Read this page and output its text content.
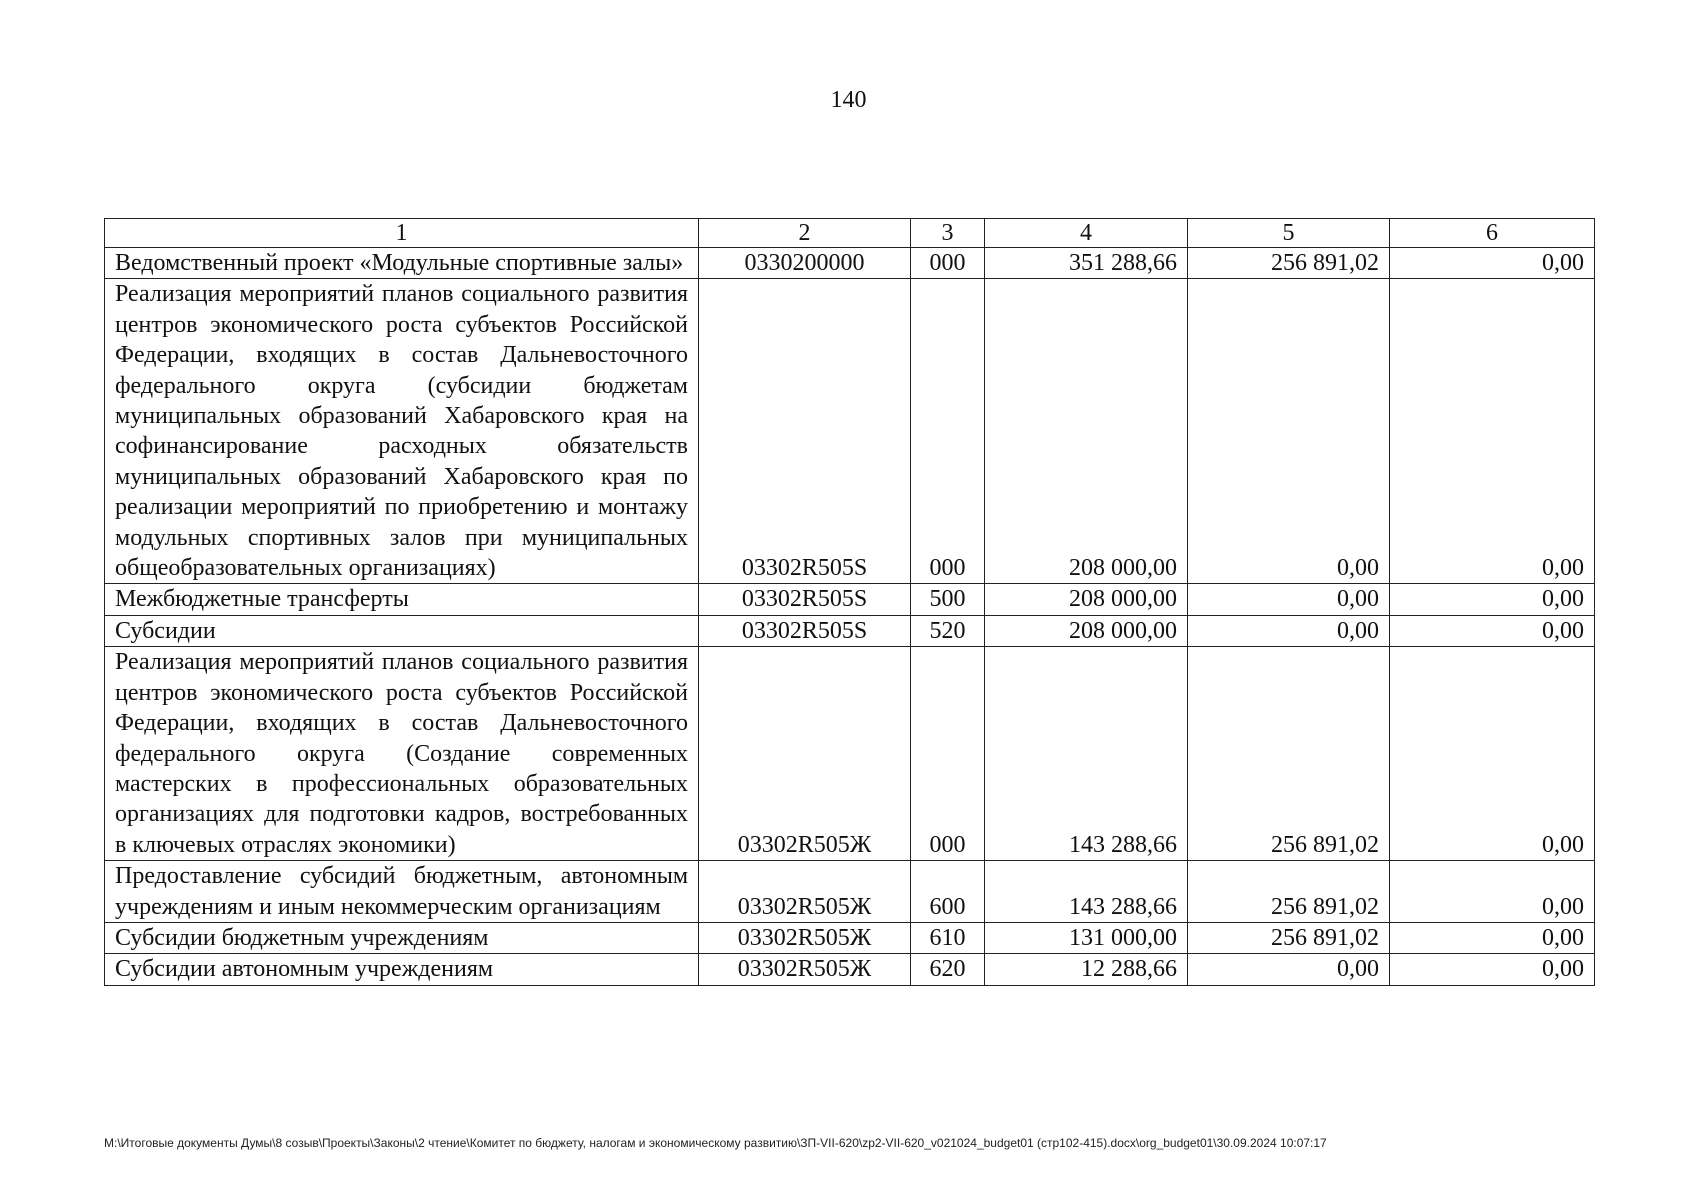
140
1	2	3	4	5	6
Ведомственный проект «Модульные спортивные залы»	0330200000	000	351 288,66	256 891,02	0,00
Реализация мероприятий планов социального развития центров экономического роста субъектов Российской Федерации, входящих в состав Дальневосточного федерального округа (субсидии бюджетам муниципальных образований Хабаровского края на софинансирование расходных обязательств муниципальных образований Хабаровского края по реализации мероприятий по приобретению и монтажу модульных спортивных залов при муниципальных общеобразовательных организациях)	03302R505S	000	208 000,00	0,00	0,00
Межбюджетные трансферты	03302R505S	500	208 000,00	0,00	0,00
Субсидии	03302R505S	520	208 000,00	0,00	0,00
Реализация мероприятий планов социального развития центров экономического роста субъектов Российской Федерации, входящих в состав Дальневосточного федерального округа (Создание современных мастерских в профессиональных образовательных организациях для подготовки кадров, востребованных в ключевых отраслях экономики)	03302R505Ж	000	143 288,66	256 891,02	0,00
Предоставление субсидий бюджетным, автономным учреждениям и иным некоммерческим организациям	03302R505Ж	600	143 288,66	256 891,02	0,00
Субсидии бюджетным учреждениям	03302R505Ж	610	131 000,00	256 891,02	0,00
Субсидии автономным учреждениям	03302R505Ж	620	12 288,66	0,00	0,00
M:\Итоговые документы Думы\8 созыв\Проекты\Законы\2 чтение\Комитет по бюджету, налогам и экономическому развитию\ЗП-VII-620\zp2-VII-620_v021024_budget01 (стр102-415).docx\org_budget01\30.09.2024 10:07:17
